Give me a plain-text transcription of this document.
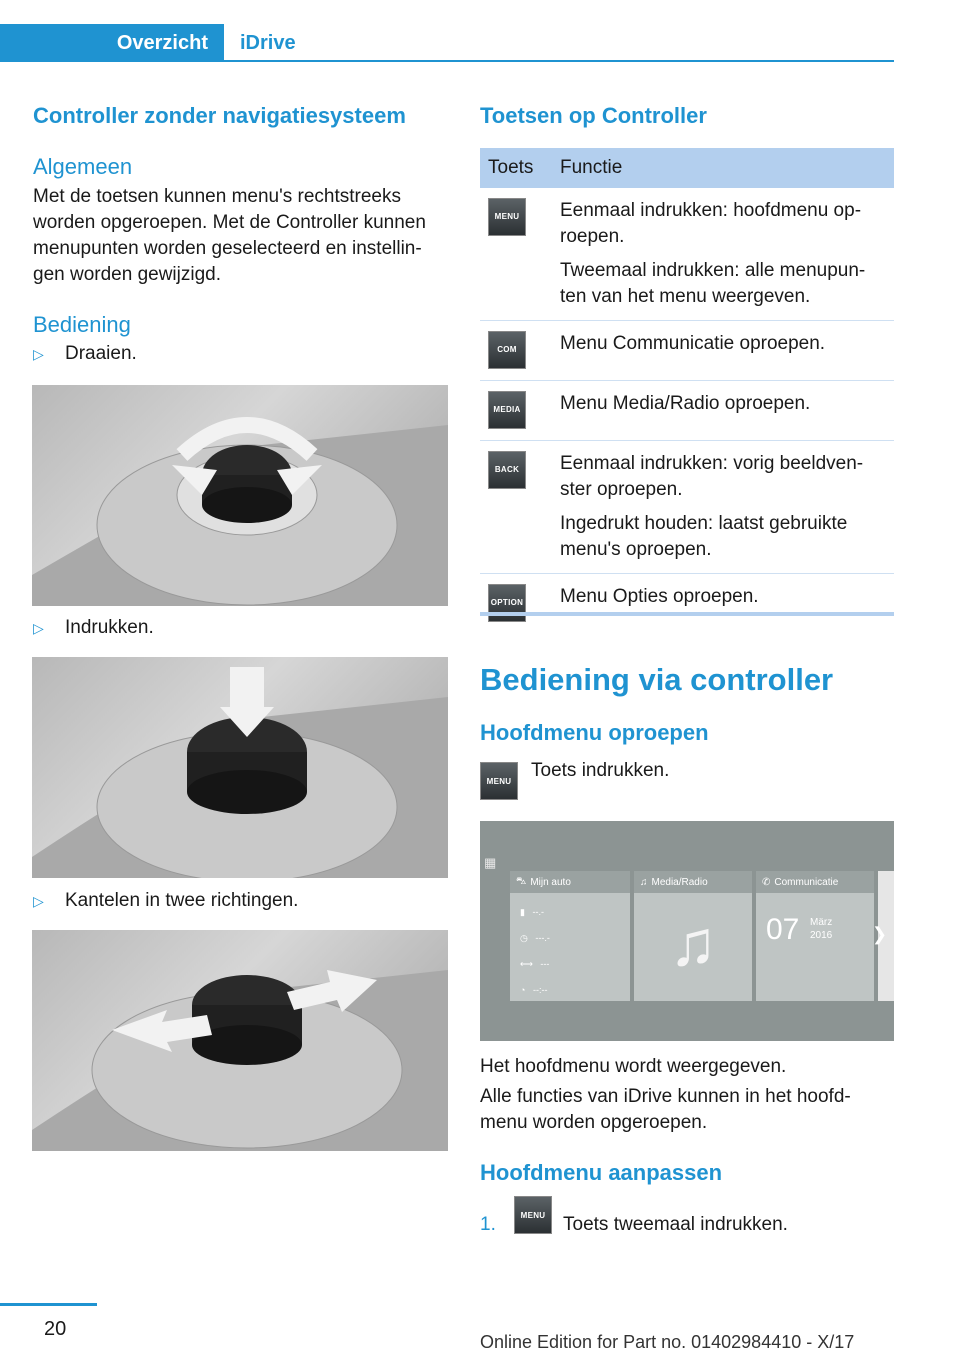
Overzicht	iDrive
Controller zonder navigatiesysteem
Algemeen
Met de toetsen kunnen menu's rechtstreeks worden opgeroepen. Met de Controller kunnen menupunten worden geselecteerd en instellin-gen worden gewijzigd.
Bediening
▷	Draaien.
▷	Indrukken.
▷	Kantelen in twee richtingen.
Toetsen op Controller
Toets	Functie

MENU	Eenmaal indrukken: hoofdmenu op-roepen.

Tweemaal indrukken: alle menupun-ten van het menu weergeven.

COM	Menu Communicatie oproepen.

MEDIA	Menu Media/Radio oproepen.

BACK	Eenmaal indrukken: vorig beeldven-ster oproepen.

Ingedrukt houden: laatst gebruikte menu's oproepen.

OPTION	Menu Opties oproepen.

Bediening via controller
Hoofdmenu oproepen
MENU	Toets indrukken.
▦
⛍ Mijn auto
▮ --.-
◷ ---.-
⟷ ---
◔ --:--
♫ Media/Radio
♫
✆ Communicatie
07 März
2016 ❯
Het hoofdmenu wordt weergegeven.
Alle functies van iDrive kunnen in het hoofd-menu worden opgeroepen.
Hoofdmenu aanpassen
1.	MENU Toets tweemaal indrukken.
20
Online Edition for Part no. 01402984410 - X/17
